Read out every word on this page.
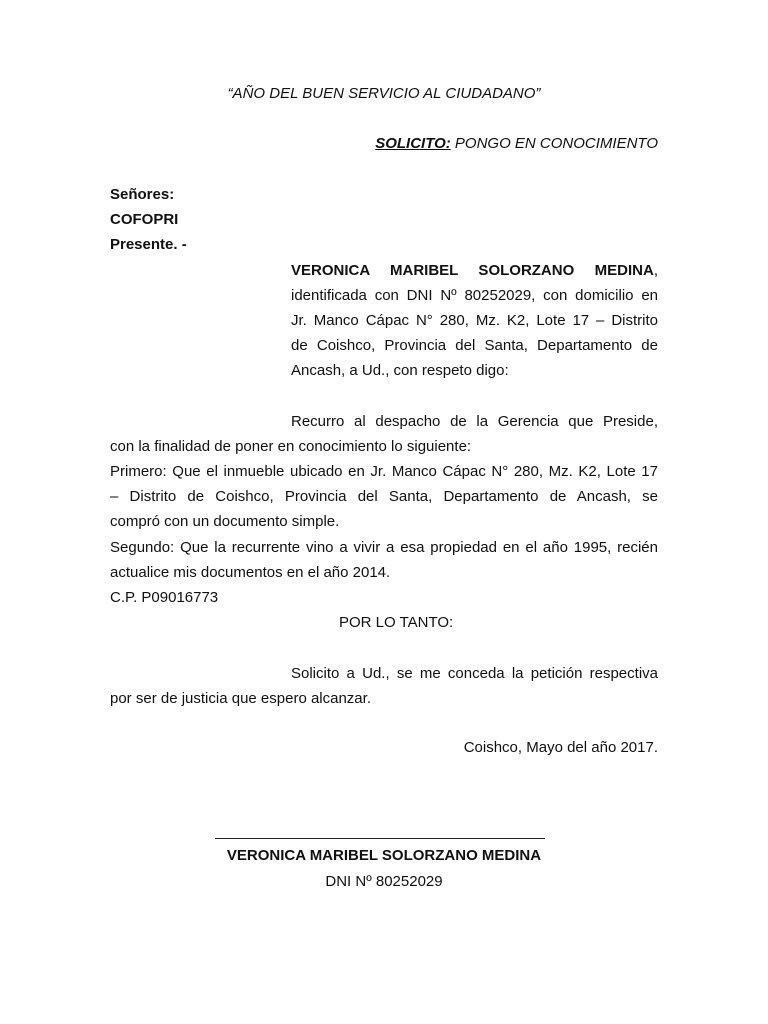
“AÑO DEL BUEN SERVICIO AL CIUDADANO”
SOLICITO: PONGO EN CONOCIMIENTO
Señores:
COFOPRI
Presente. -
VERONICA MARIBEL SOLORZANO MEDINA,
identificada con DNI Nº 80252029, con domicilio en
Jr. Manco Cápac N° 280, Mz. K2, Lote 17 – Distrito
de Coishco, Provincia del Santa, Departamento de
Ancash, a Ud., con respeto digo:
Recurro al despacho de la Gerencia que Preside,
con la finalidad de poner en conocimiento lo siguiente:
Primero: Que el inmueble ubicado en Jr. Manco Cápac N° 280, Mz. K2, Lote 17
– Distrito de Coishco, Provincia del Santa, Departamento de Ancash, se
compró con un documento simple.
Segundo: Que la recurrente vino a vivir a esa propiedad en el año 1995, recién
actualice mis documentos en el año 2014.
C.P. P09016773
POR LO TANTO:
Solicito a Ud., se me conceda la petición respectiva
por ser de justicia que espero alcanzar.
Coishco, Mayo del año 2017.
VERONICA MARIBEL SOLORZANO MEDINA
DNI Nº 80252029
